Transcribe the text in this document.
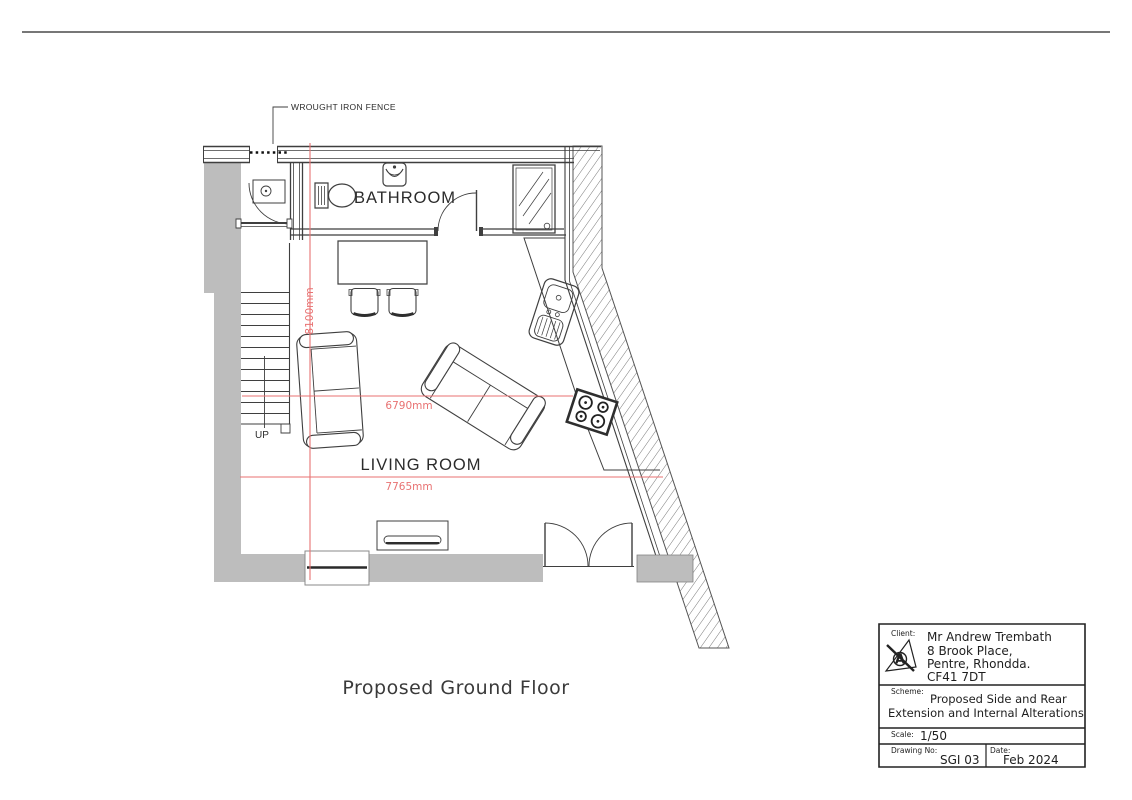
WROUGHT IRON FENCE
BATHROOM
UP
LIVING ROOM
8100mm
6790mm
7765mm
Proposed Ground Floor
A
Client: Mr Andrew Trembath
8 Brook Place,
Pentre, Rhondda.
CF41 7DT
Scheme:
Proposed Side and Rear
Extension and Internal Alterations
Scale: 1/50
Drawing No:
SGI 03
Date:
Feb 2024
